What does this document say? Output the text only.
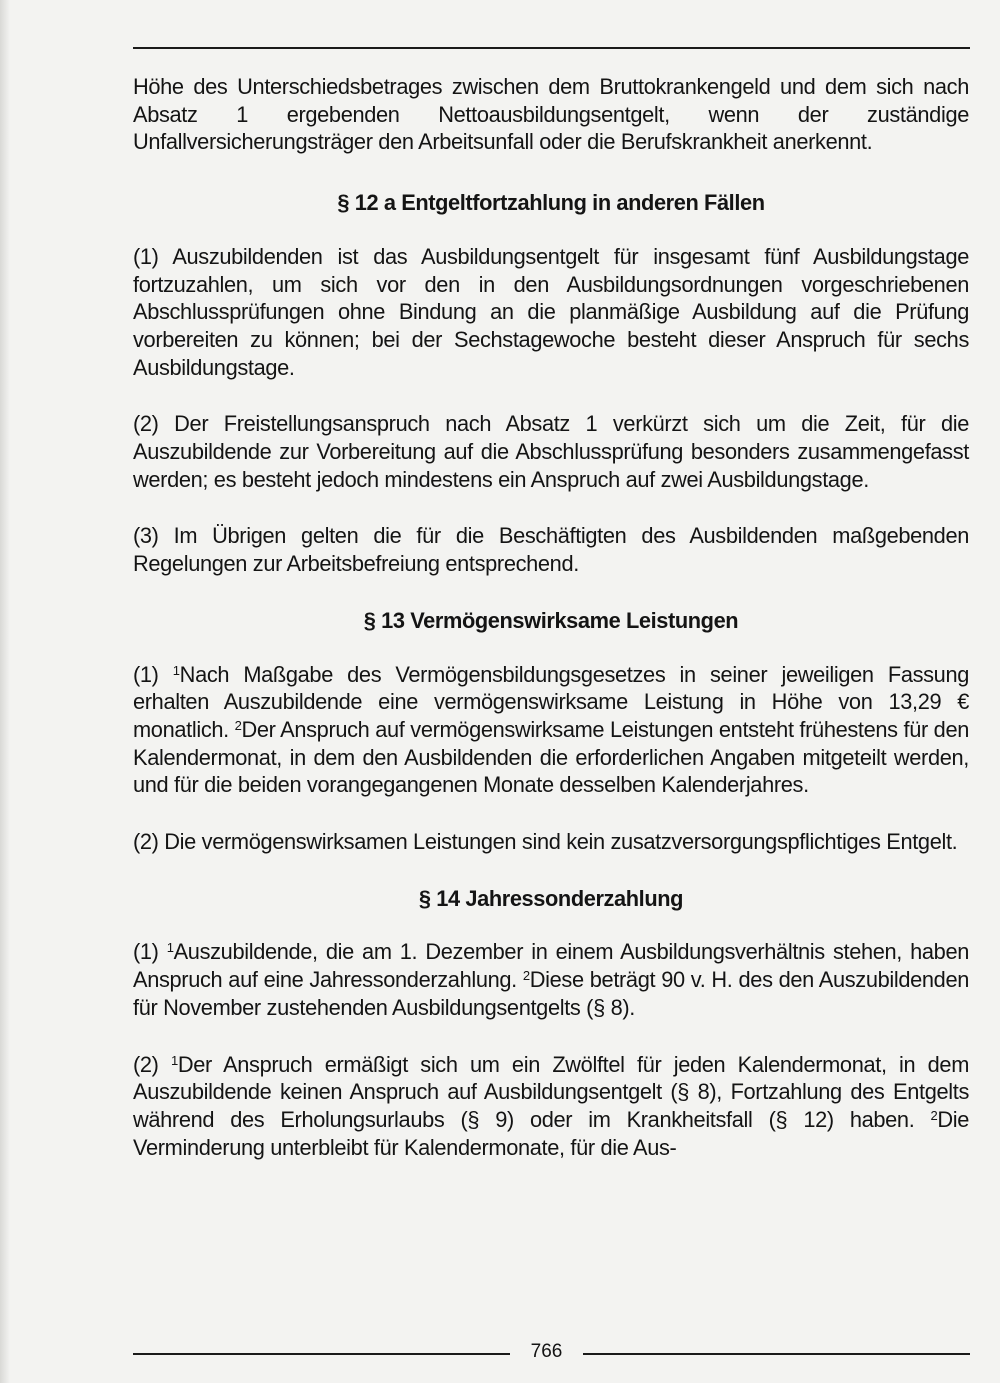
Höhe des Unterschiedsbetrages zwischen dem Bruttokrankengeld und dem sich nach Absatz 1 ergebenden Nettoausbildungsentgelt, wenn der zuständige Unfallversicherungsträger den Arbeitsunfall oder die Berufskrankheit anerkennt.

§ 12 a Entgeltfortzahlung in anderen Fällen

(1) Auszubildenden ist das Ausbildungsentgelt für insgesamt fünf Ausbildungstage fortzuzahlen, um sich vor den in den Ausbildungsordnungen vorgeschriebenen Abschlussprüfungen ohne Bindung an die planmäßige Ausbildung auf die Prüfung vorbereiten zu können; bei der Sechstagewoche besteht dieser Anspruch für sechs Ausbildungstage.

(2) Der Freistellungsanspruch nach Absatz 1 verkürzt sich um die Zeit, für die Auszubildende zur Vorbereitung auf die Abschlussprüfung besonders zusammengefasst werden; es besteht jedoch mindestens ein Anspruch auf zwei Ausbildungstage.

(3) Im Übrigen gelten die für die Beschäftigten des Ausbildenden maßgebenden Regelungen zur Arbeitsbefreiung entsprechend.

§ 13 Vermögenswirksame Leistungen

(1) $^1$Nach Maßgabe des Vermögensbildungsgesetzes in seiner jeweiligen Fassung erhalten Auszubildende eine vermögenswirksame Leistung in Höhe von 13,29 € monatlich. $^2$Der Anspruch auf vermögenswirksame Leistungen entsteht frühestens für den Kalendermonat, in dem den Ausbildenden die erforderlichen Angaben mitgeteilt werden, und für die beiden vorangegangenen Monate desselben Kalenderjahres.

(2) Die vermögenswirksamen Leistungen sind kein zusatzversorgungspflichtiges Entgelt.

§ 14 Jahressonderzahlung

(1) $^1$Auszubildende, die am 1. Dezember in einem Ausbildungsverhältnis stehen, haben Anspruch auf eine Jahressonderzahlung. $^2$Diese beträgt 90 v. H. des den Auszubildenden für November zustehenden Ausbildungsentgelts (§ 8).

(2) $^1$Der Anspruch ermäßigt sich um ein Zwölftel für jeden Kalendermonat, in dem Auszubildende keinen Anspruch auf Ausbildungsentgelt (§ 8), Fortzahlung des Entgelts während des Erholungsurlaubs (§ 9) oder im Krankheitsfall (§ 12) haben. $^2$Die Verminderung unterbleibt für Kalendermonate, für die Aus-

766
